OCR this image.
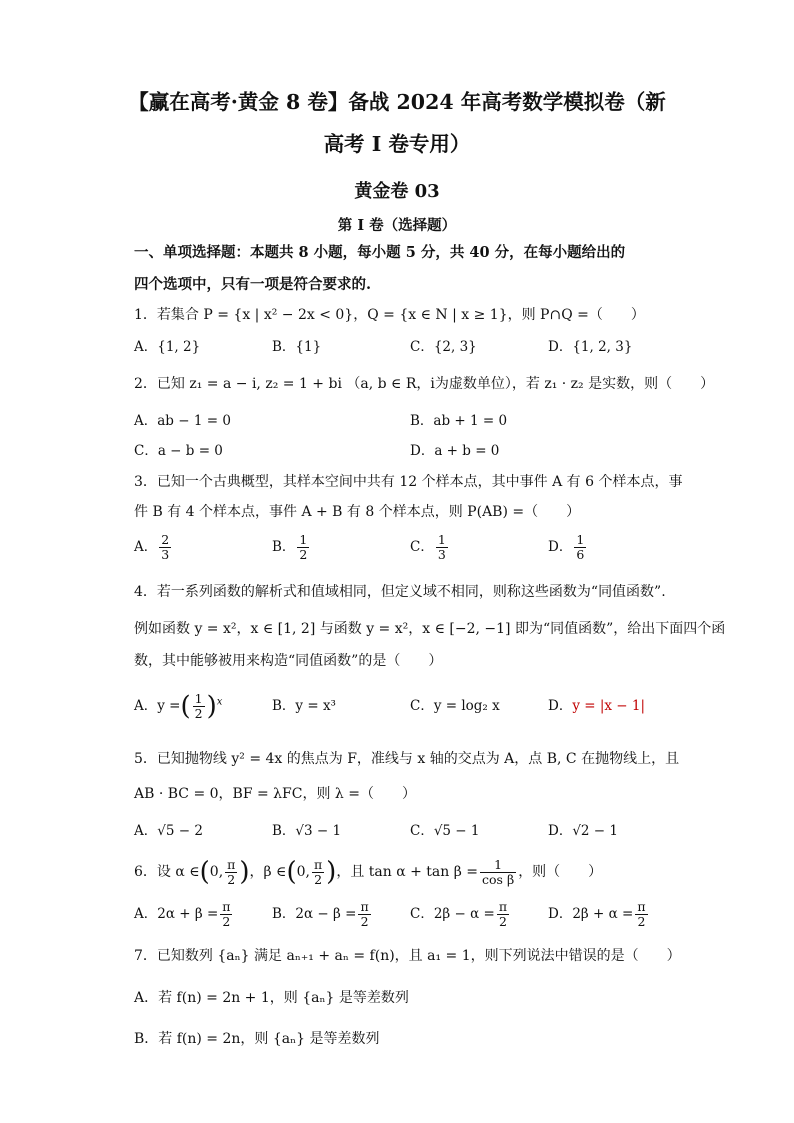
【赢在高考·黄金 8 卷】备战 2024 年高考数学模拟卷（新
高考 Ⅰ 卷专用）
黄金卷 03
第 I 卷（选择题）
一、单项选择题：本题共 8 小题，每小题 5 分，共 40 分，在每小题给出的
四个选项中，只有一项是符合要求的.
1．若集合 P = {x | x² − 2x < 0}，Q = {x ∈ N | x ≥ 1}，则 P∩Q =（　　）
A．{1, 2}	B．{1}	C．{2, 3}	D．{1, 2, 3}
2．已知 z₁ = a − i, z₂ = 1 + bi （a, b ∈ R，i为虚数单位），若 z₁ · z₂ 是实数，则（　　）
A．ab − 1 = 0	B．ab + 1 = 0
C．a − b = 0	D．a + b = 0
3．已知一个古典概型，其样本空间中共有 12 个样本点，其中事件 A 有 6 个样本点，事
件 B 有 4 个样本点，事件 A + B 有 8 个样本点，则 P(AB) =（　　）
A． $\frac{2}{3}$	B． $\frac{1}{2}$	C． $\frac{1}{3}$	D． $\frac{1}{6}$
4．若一系列函数的解析式和值域相同，但定义域不相同，则称这些函数为“同值函数”.
例如函数 y = x²，x ∈ [1, 2] 与函数 y = x²，x ∈ [−2, −1] 即为“同值函数”，给出下面四个函
数，其中能够被用来构造“同值函数”的是（　　）
A．y =( $\frac{1}{2} )^x$	B．y = x³	C．y = log₂ x	D．y = |x − 1|
5．已知抛物线 y² = 4x 的焦点为 F，准线与 x 轴的交点为 A，点 B, C 在抛物线上，且
AB · BC = 0，BF = λFC，则 λ =（　　）
A．√5 − 2	B．√3 − 1	C．√5 − 1	D．√2 − 1
6．设 α ∈(0, $\frac{\pi}{2}$ )，β ∈(0, $\frac{\pi}{2}$ )，且 $\tan \alpha + \tan \beta = \frac{1}{\text{cos β}}$ ，则（　　）
A．$2\alpha + \beta = \frac{\pi}{2}$	B．$2\alpha - \beta = \frac{\pi}{2}$	C．$2\beta - \alpha = \frac{\pi}{2}$	D．$2\beta + \alpha = \frac{\pi}{2}$
7．已知数列 {aₙ} 满足 aₙ₊₁ + aₙ = f(n)，且 a₁ = 1，则下列说法中错误的是（　　）
A．若 f(n) = 2n + 1，则 {aₙ} 是等差数列
B．若 f(n) = 2n，则 {aₙ} 是等差数列
